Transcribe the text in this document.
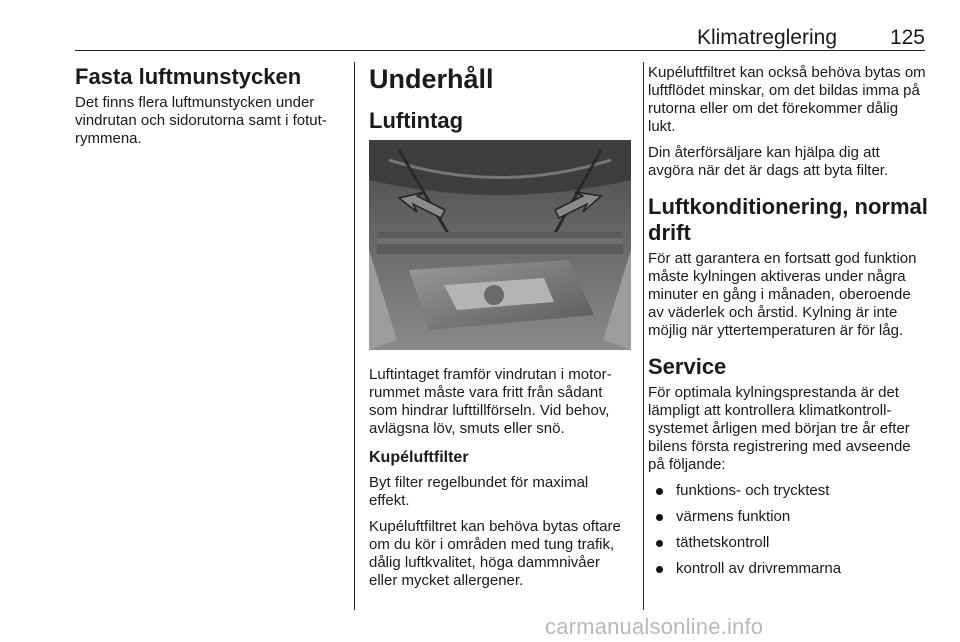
Klimatreglering	125
Fasta luftmunstycken

Det finns flera luftmunstycken under vindrutan och sidorutorna samt i fotutrymmena.

Underhåll
Luftintag

Luftintaget framför vindrutan i motorrummet måste vara fritt från sådant som hindrar lufttillförseln. Vid behov, avlägsna löv, smuts eller snö.

Kupéluftfilter

Byt filter regelbundet för maximal effekt.

Kupéluftfiltret kan behöva bytas oftare om du kör i områden med tung trafik, dålig luftkvalitet, höga dammnivåer eller mycket allergener.

Kupéluftfiltret kan också behöva bytas om luftflödet minskar, om det bildas imma på rutorna eller om det förekommer dålig lukt.

Din återförsäljare kan hjälpa dig att avgöra när det är dags att byta filter.

Luftkonditionering, normal drift

För att garantera en fortsatt god funktion måste kylningen aktiveras under några minuter en gång i månaden, oberoende av väderlek och årstid. Kylning är inte möjlig när yttertemperaturen är för låg.

Service

För optimala kylningsprestanda är det lämpligt att kontrollera klimatkontrollsystemet årligen med början tre år efter bilens första registrering med avseende på följande:

funktions- och trycktest
värmens funktion
täthetskontroll
kontroll av drivremmarna
carmanualsonline.info
